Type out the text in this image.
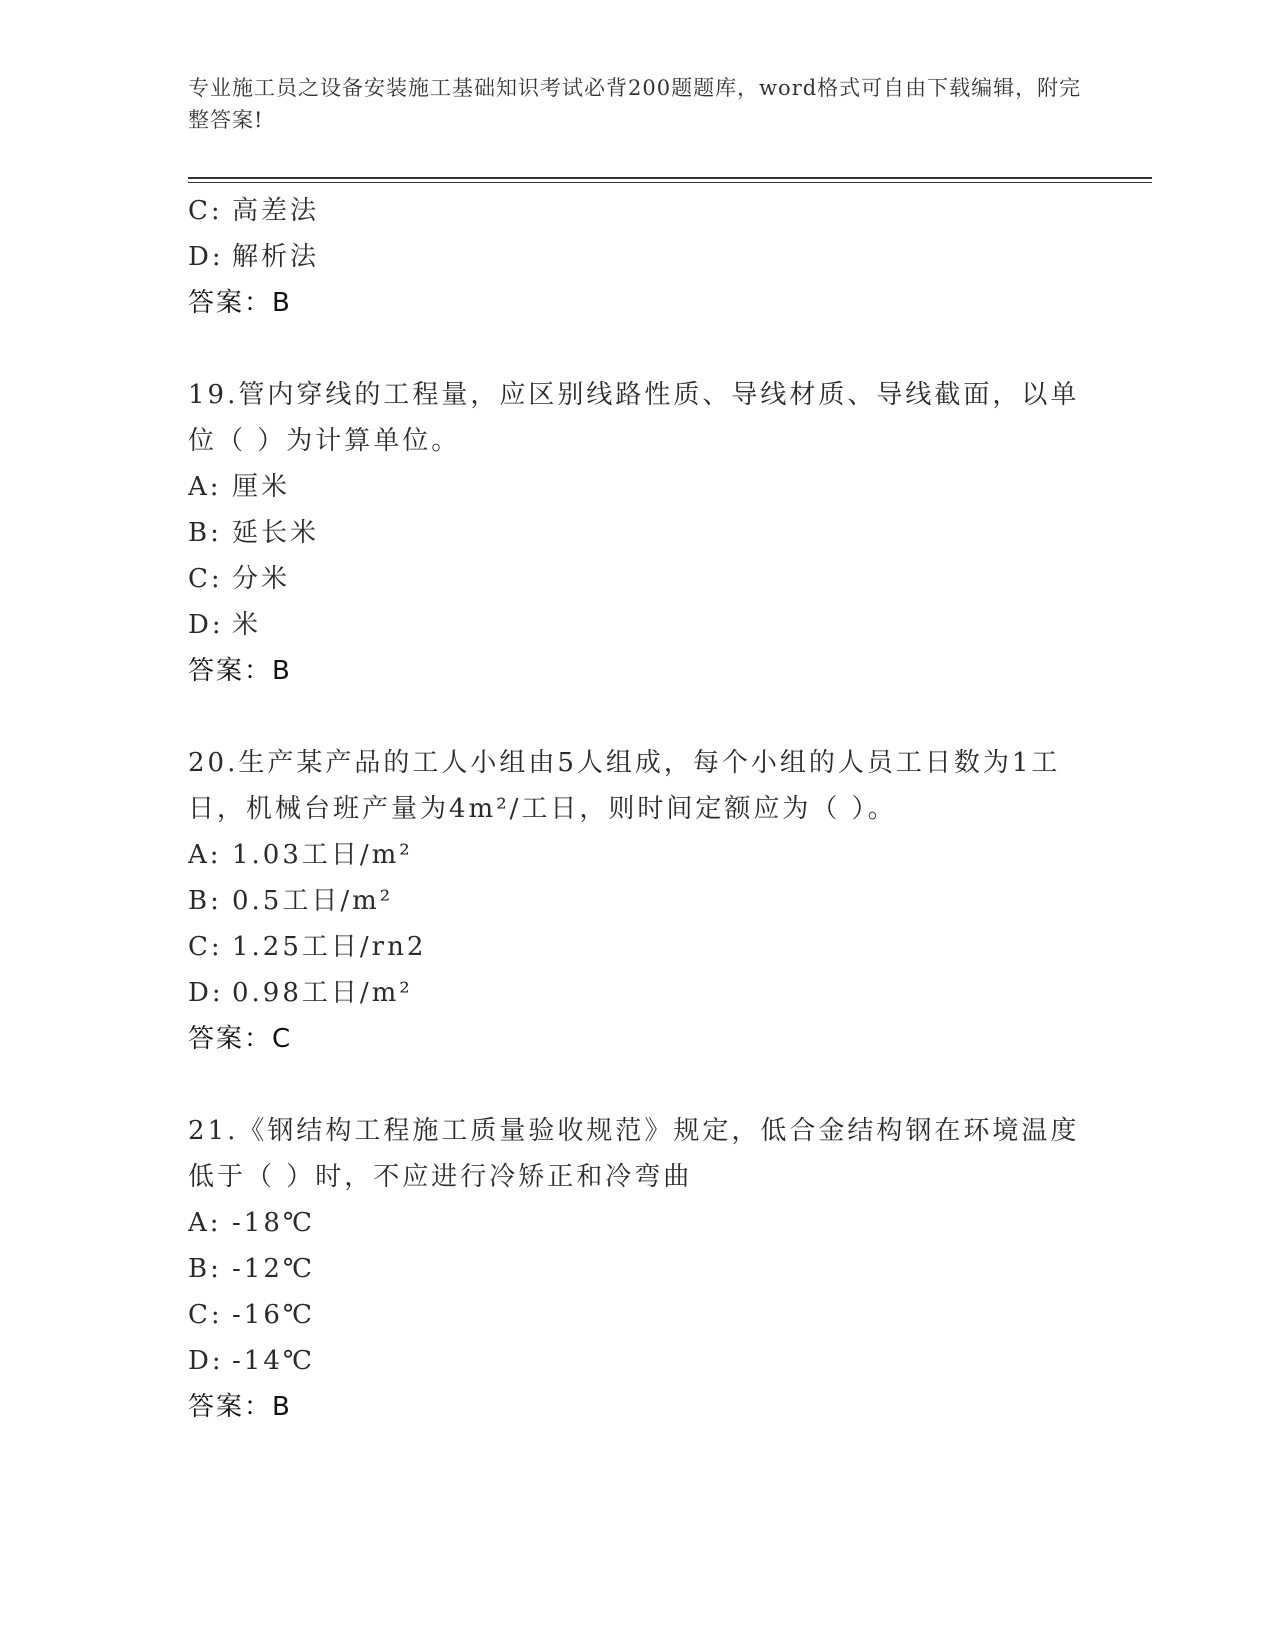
专业施工员之设备安装施工基础知识考试必背200题题库，word格式可自由下载编辑，附完整答案!
C: 高差法
D: 解析法
答案：B
19.管内穿线的工程量，应区别线路性质、导线材质、导线截面，以单位（ ）为计算单位。
A: 厘米
B: 延长米
C: 分米
D: 米
答案：B
20.生产某产品的工人小组由5人组成，每个小组的人员工日数为1工日，机械台班产量为4m²/工日，则时间定额应为（ ）。
A: 1.03工日/m²
B: 0.5工日/m²
C: 1.25工日/rn2
D: 0.98工日/m²
答案：C
21.《钢结构工程施工质量验收规范》规定，低合金结构钢在环境温度低于（ ）时，不应进行冷矫正和冷弯曲
A: -18℃
B: -12℃
C: -16℃
D: -14℃
答案：B
